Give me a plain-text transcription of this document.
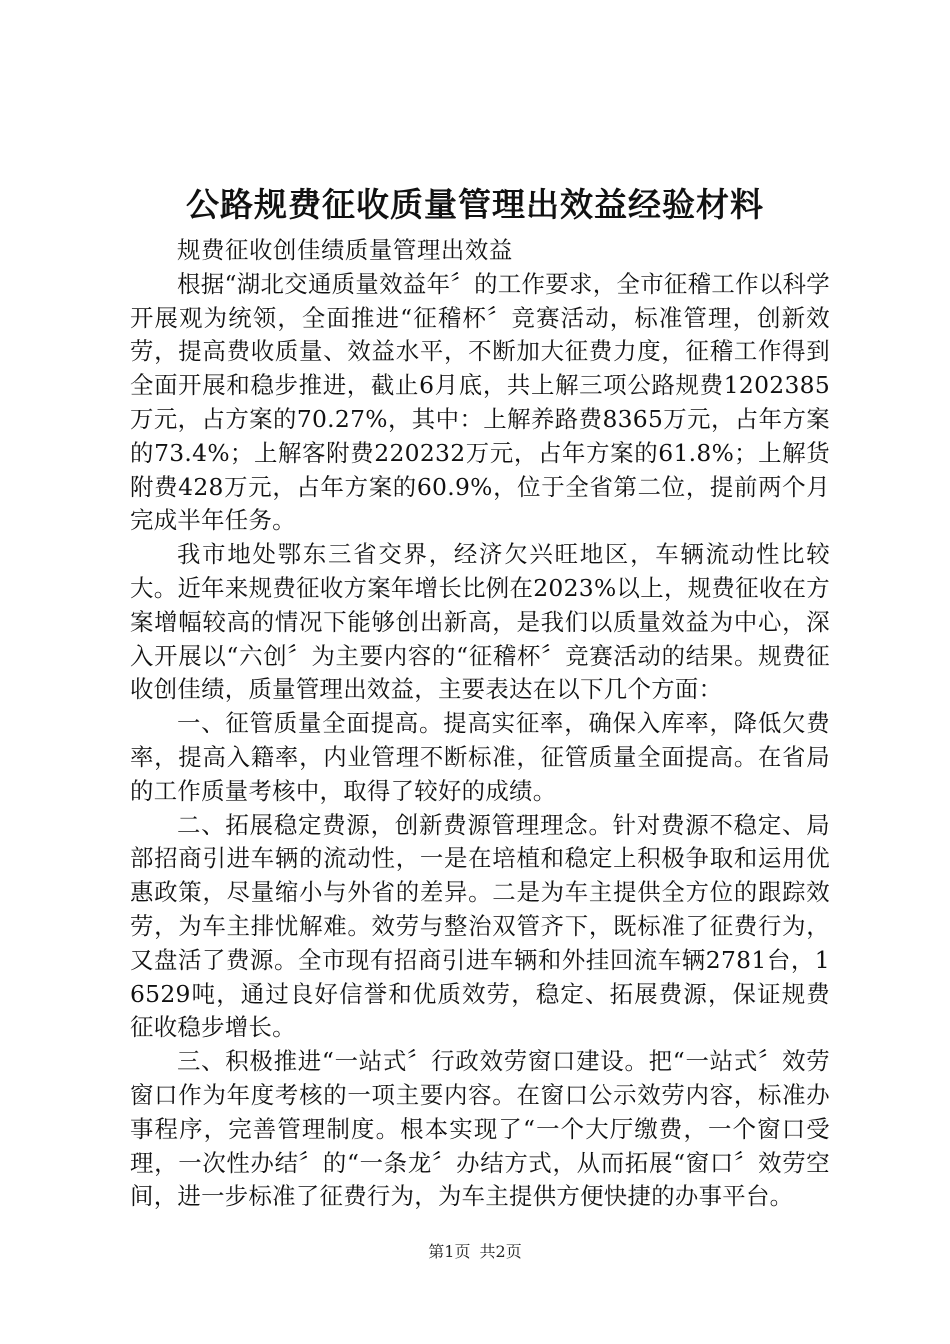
公路规费征收质量管理出效益经验材料

规费征收创佳绩质量管理出效益

根据“湖北交通质量效益年〞的工作要求，全市征稽工作以科学开展观为统领，全面推进“征稽杯〞竞赛活动，标准管理，创新效劳，提高费收质量、效益水平，不断加大征费力度，征稽工作得到全面开展和稳步推进，截止6月底，共上解三项公路规费1202385万元，占方案的70.27%，其中：上解养路费8365万元，占年方案的73.4%；上解客附费220232万元，占年方案的61.8%；上解货附费428万元，占年方案的60.9%，位于全省第二位，提前两个月完成半年任务。

我市地处鄂东三省交界，经济欠兴旺地区，车辆流动性比较大。近年来规费征收方案年增长比例在2023%以上，规费征收在方案增幅较高的情况下能够创出新高，是我们以质量效益为中心，深入开展以“六创〞为主要内容的“征稽杯〞竞赛活动的结果。规费征收创佳绩，质量管理出效益，主要表达在以下几个方面：

一、征管质量全面提高。提高实征率，确保入库率，降低欠费率，提高入籍率，内业管理不断标准，征管质量全面提高。在省局的工作质量考核中，取得了较好的成绩。

二、拓展稳定费源，创新费源管理理念。针对费源不稳定、局部招商引进车辆的流动性，一是在培植和稳定上积极争取和运用优惠政策，尽量缩小与外省的差异。二是为车主提供全方位的跟踪效劳，为车主排忧解难。效劳与整治双管齐下，既标准了征费行为，又盘活了费源。全市现有招商引进车辆和外挂回流车辆2781台，16529吨，通过良好信誉和优质效劳，稳定、拓展费源，保证规费征收稳步增长。

三、积极推进“一站式〞行政效劳窗口建设。把“一站式〞效劳窗口作为年度考核的一项主要内容。在窗口公示效劳内容，标准办事程序，完善管理制度。根本实现了“一个大厅缴费，一个窗口受理，一次性办结〞的“一条龙〞办结方式，从而拓展“窗口〞效劳空间，进一步标准了征费行为，为车主提供方便快捷的办事平台。

第1页 共2页
